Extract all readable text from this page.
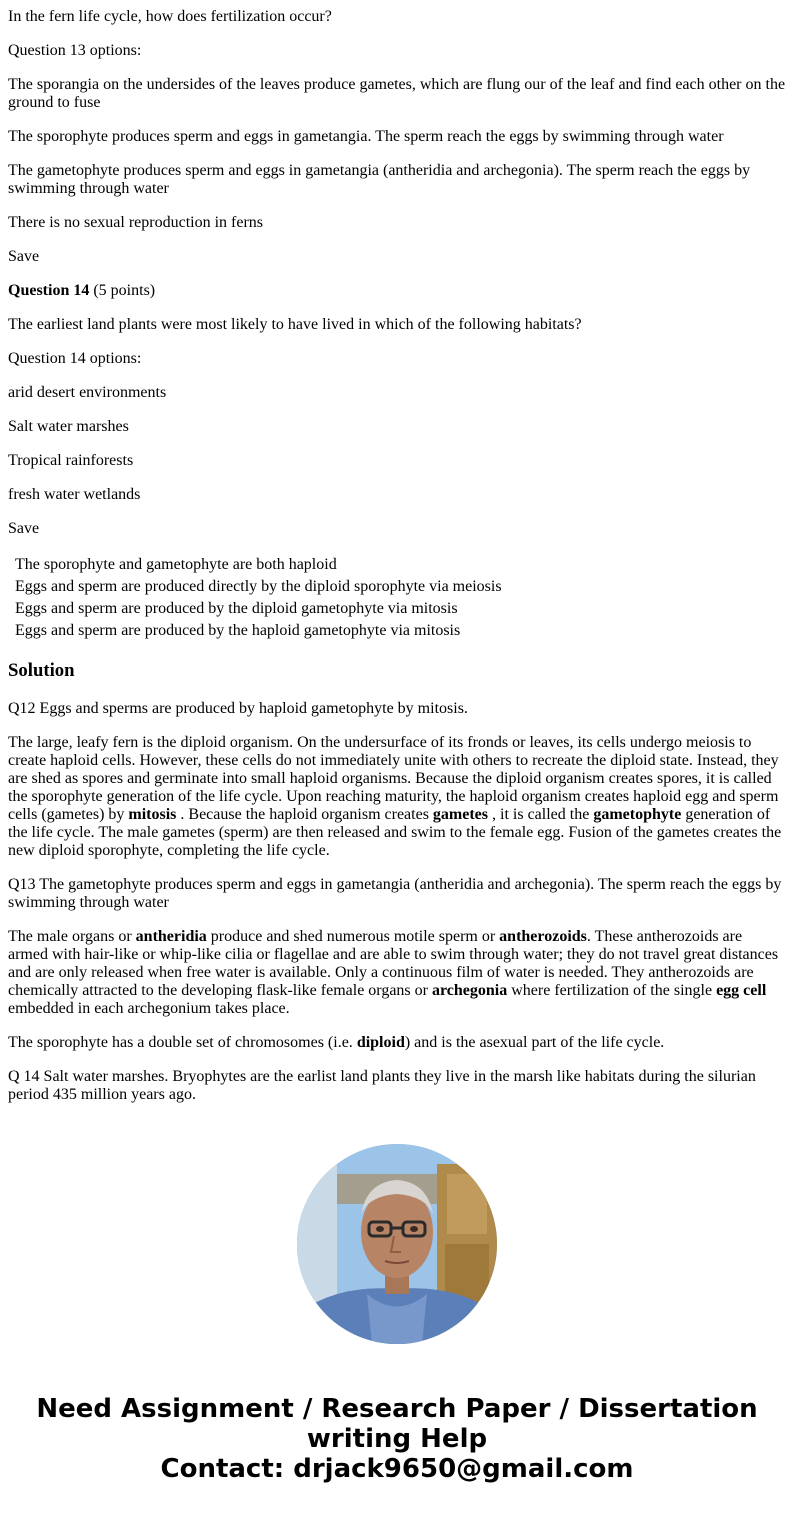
In the fern life cycle, how does fertilization occur?

Question 13 options:

The sporangia on the undersides of the leaves produce gametes, which are flung our of the leaf and find each other on the ground to fuse

The sporophyte produces sperm and eggs in gametangia. The sperm reach the eggs by swimming through water

The gametophyte produces sperm and eggs in gametangia (antheridia and archegonia). The sperm reach the eggs by swimming through water

There is no sexual reproduction in ferns

Save

Question 14 (5 points)

The earliest land plants were most likely to have lived in which of the following habitats?

Question 14 options:

arid desert environments

Salt water marshes

Tropical rainforests

fresh water wetlands

Save

The sporophyte and gametophyte are both haploid
Eggs and sperm are produced directly by the diploid sporophyte via meiosis
Eggs and sperm are produced by the diploid gametophyte via mitosis
Eggs and sperm are produced by the haploid gametophyte via mitosis
Solution

Q12 Eggs and sperms are produced by haploid gametophyte by mitosis.

The large, leafy fern is the diploid organism. On the undersurface of its fronds or leaves, its cells undergo meiosis to create haploid cells. However, these cells do not immediately unite with others to recreate the diploid state. Instead, they are shed as spores and germinate into small haploid organisms. Because the diploid organism creates spores, it is called the sporophyte generation of the life cycle. Upon reaching maturity, the haploid organism creates haploid egg and sperm cells (gametes) by mitosis . Because the haploid organism creates gametes , it is called the gametophyte generation of the life cycle. The male gametes (sperm) are then released and swim to the female egg. Fusion of the gametes creates the new diploid sporophyte, completing the life cycle.

Q13 The gametophyte produces sperm and eggs in gametangia (antheridia and archegonia). The sperm reach the eggs by swimming through water

The male organs or antheridia produce and shed numerous motile sperm or antherozoids. These antherozoids are armed with hair-like or whip-like cilia or flagellae and are able to swim through water; they do not travel great distances and are only released when free water is available. Only a continuous film of water is needed. They antherozoids are chemically attracted to the developing flask-like female organs or archegonia where fertilization of the single egg cell embedded in each archegonium takes place.

The sporophyte has a double set of chromosomes (i.e. diploid) and is the asexual part of the life cycle.

Q 14 Salt water marshes. Bryophytes are the earlist land plants they live in the marsh like habitats during the silurian period 435 million years ago.

Need Assignment / Research Paper / Dissertation
writing Help
Contact: drjack9650@gmail.com
